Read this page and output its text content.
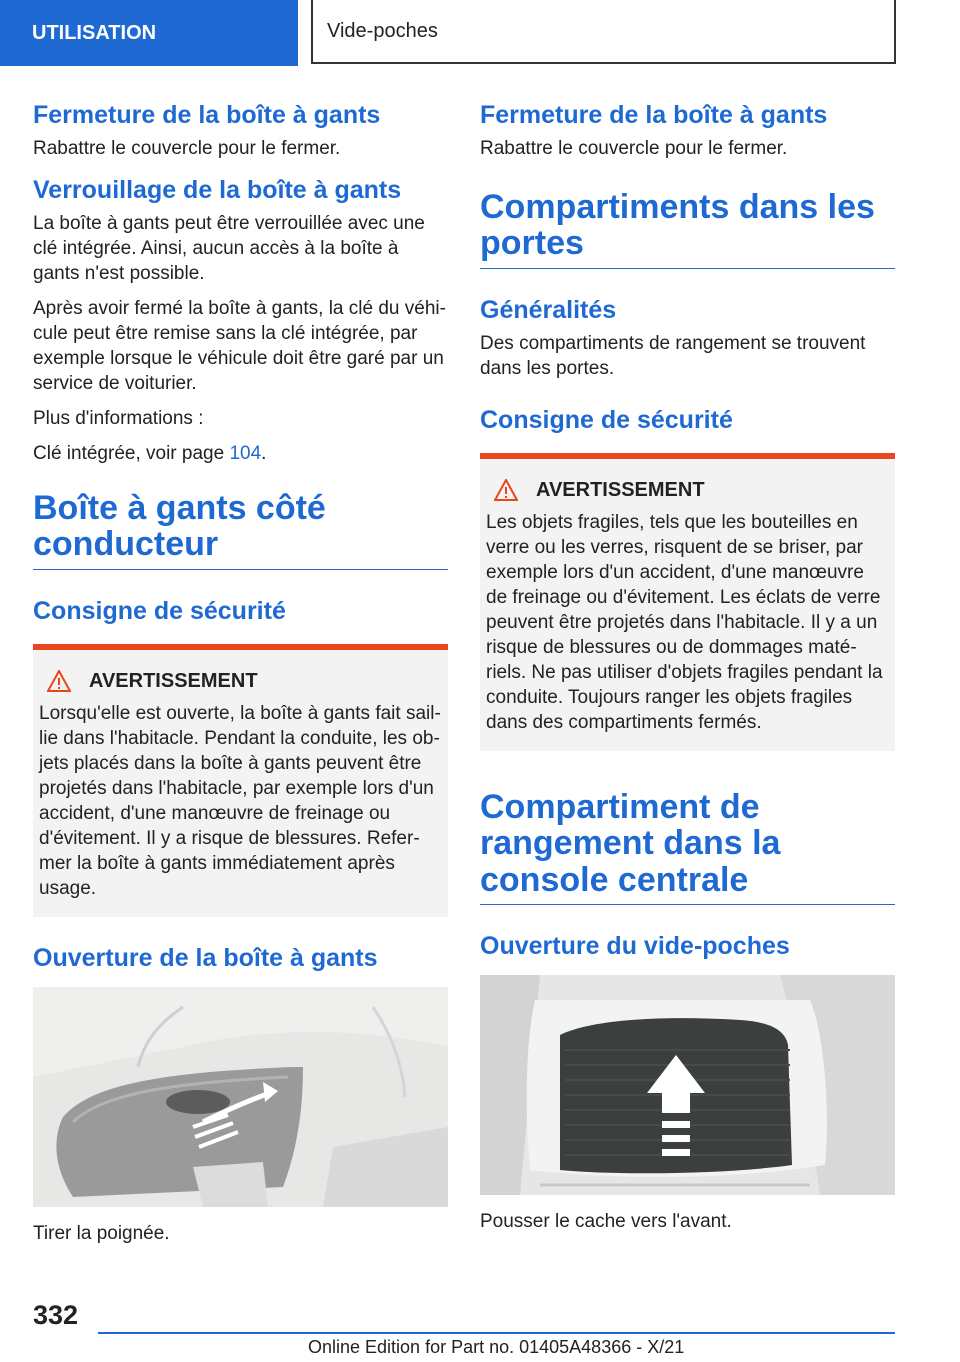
UTILISATION	Vide-poches
Fermeture de la boîte à gants

Rabattre le couvercle pour le fermer.

Verrouillage de la boîte à gants

La boîte à gants peut être verrouillée avec une clé intégrée. Ainsi, aucun accès à la boîte à gants n'est possible.

Après avoir fermé la boîte à gants, la clé du véhicule peut être remise sans la clé intégrée, par exemple lorsque le véhicule doit être garé par un service de voiturier.

Plus d'informations :

Clé intégrée, voir page 104.

Boîte à gants côté conducteur
Consigne de sécurité
AVERTISSEMENT

Lorsqu'elle est ouverte, la boîte à gants fait saillie dans l'habitacle. Pendant la conduite, les objets placés dans la boîte à gants peuvent être projetés dans l'habitacle, par exemple lors d'un accident, d'une manœuvre de freinage ou d'évitement. Il y a risque de blessures. Refermer la boîte à gants immédiatement après usage.

Ouverture de la boîte à gants

Tirer la poignée.

Fermeture de la boîte à gants

Rabattre le couvercle pour le fermer.

Compartiments dans les portes
Généralités

Des compartiments de rangement se trouvent dans les portes.

Consigne de sécurité
AVERTISSEMENT

Les objets fragiles, tels que les bouteilles en verre ou les verres, risquent de se briser, par exemple lors d'un accident, d'une manœuvre de freinage ou d'évitement. Les éclats de verre peuvent être projetés dans l'habitacle. Il y a un risque de blessures ou de dommages matériels. Ne pas utiliser d'objets fragiles pendant la conduite. Toujours ranger les objets fragiles dans des compartiments fermés.

Compartiment de rangement dans la console centrale
Ouverture du vide-poches

Pousser le cache vers l'avant.

332
Online Edition for Part no. 01405A48366 - X/21
